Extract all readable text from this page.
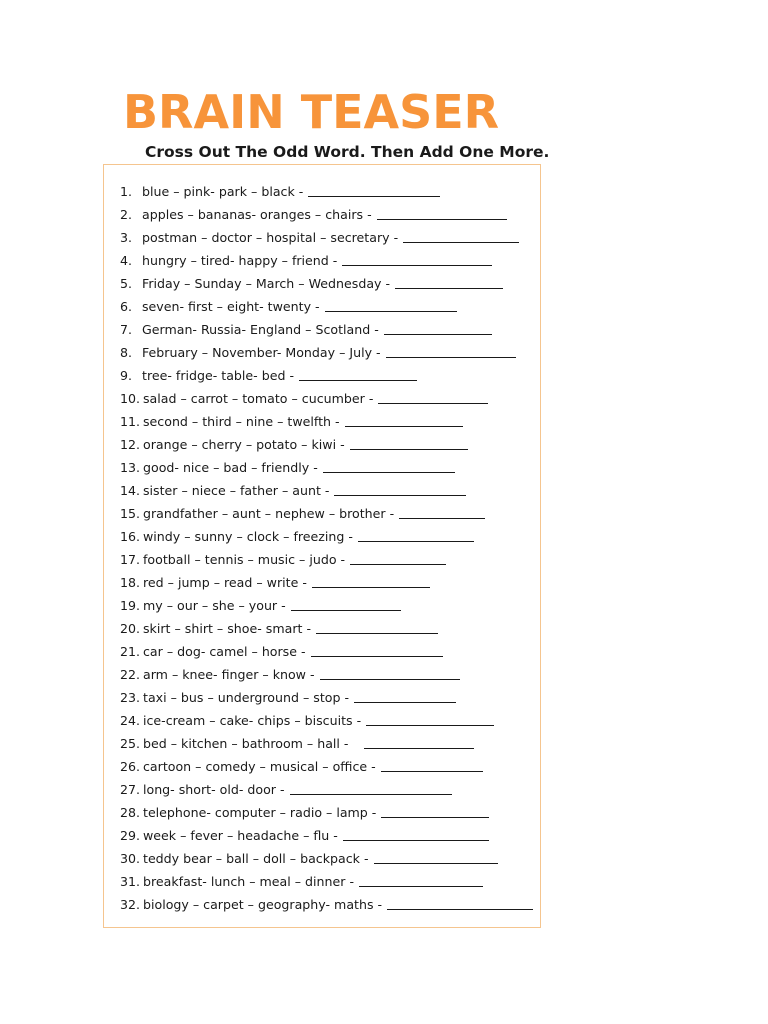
BRAIN TEASER
Cross Out The Odd Word. Then Add One More.
1. blue – pink- park – black -
2. apples – bananas- oranges – chairs -
3. postman – doctor – hospital – secretary -
4. hungry – tired- happy – friend -
5. Friday – Sunday – March – Wednesday -
6. seven- first – eight- twenty -
7. German- Russia- England – Scotland -
8. February – November- Monday – July -
9. tree- fridge- table- bed -
10. salad – carrot – tomato – cucumber -
11. second – third – nine – twelfth -
12. orange – cherry – potato – kiwi -
13. good- nice – bad – friendly -
14. sister – niece – father – aunt -
15. grandfather – aunt – nephew – brother -
16. windy – sunny – clock – freezing -
17. football – tennis – music – judo -
18. red – jump – read – write -
19. my – our – she – your -
20. skirt – shirt – shoe- smart -
21. car – dog- camel – horse -
22. arm – knee- finger – know -
23. taxi – bus – underground – stop -
24. ice-cream – cake- chips – biscuits -
25. bed – kitchen – bathroom – hall -
26. cartoon – comedy – musical – office -
27. long- short- old- door -
28. telephone- computer – radio – lamp -
29. week – fever – headache – flu -
30. teddy bear – ball – doll – backpack -
31. breakfast- lunch – meal – dinner -
32. biology – carpet – geography- maths -
